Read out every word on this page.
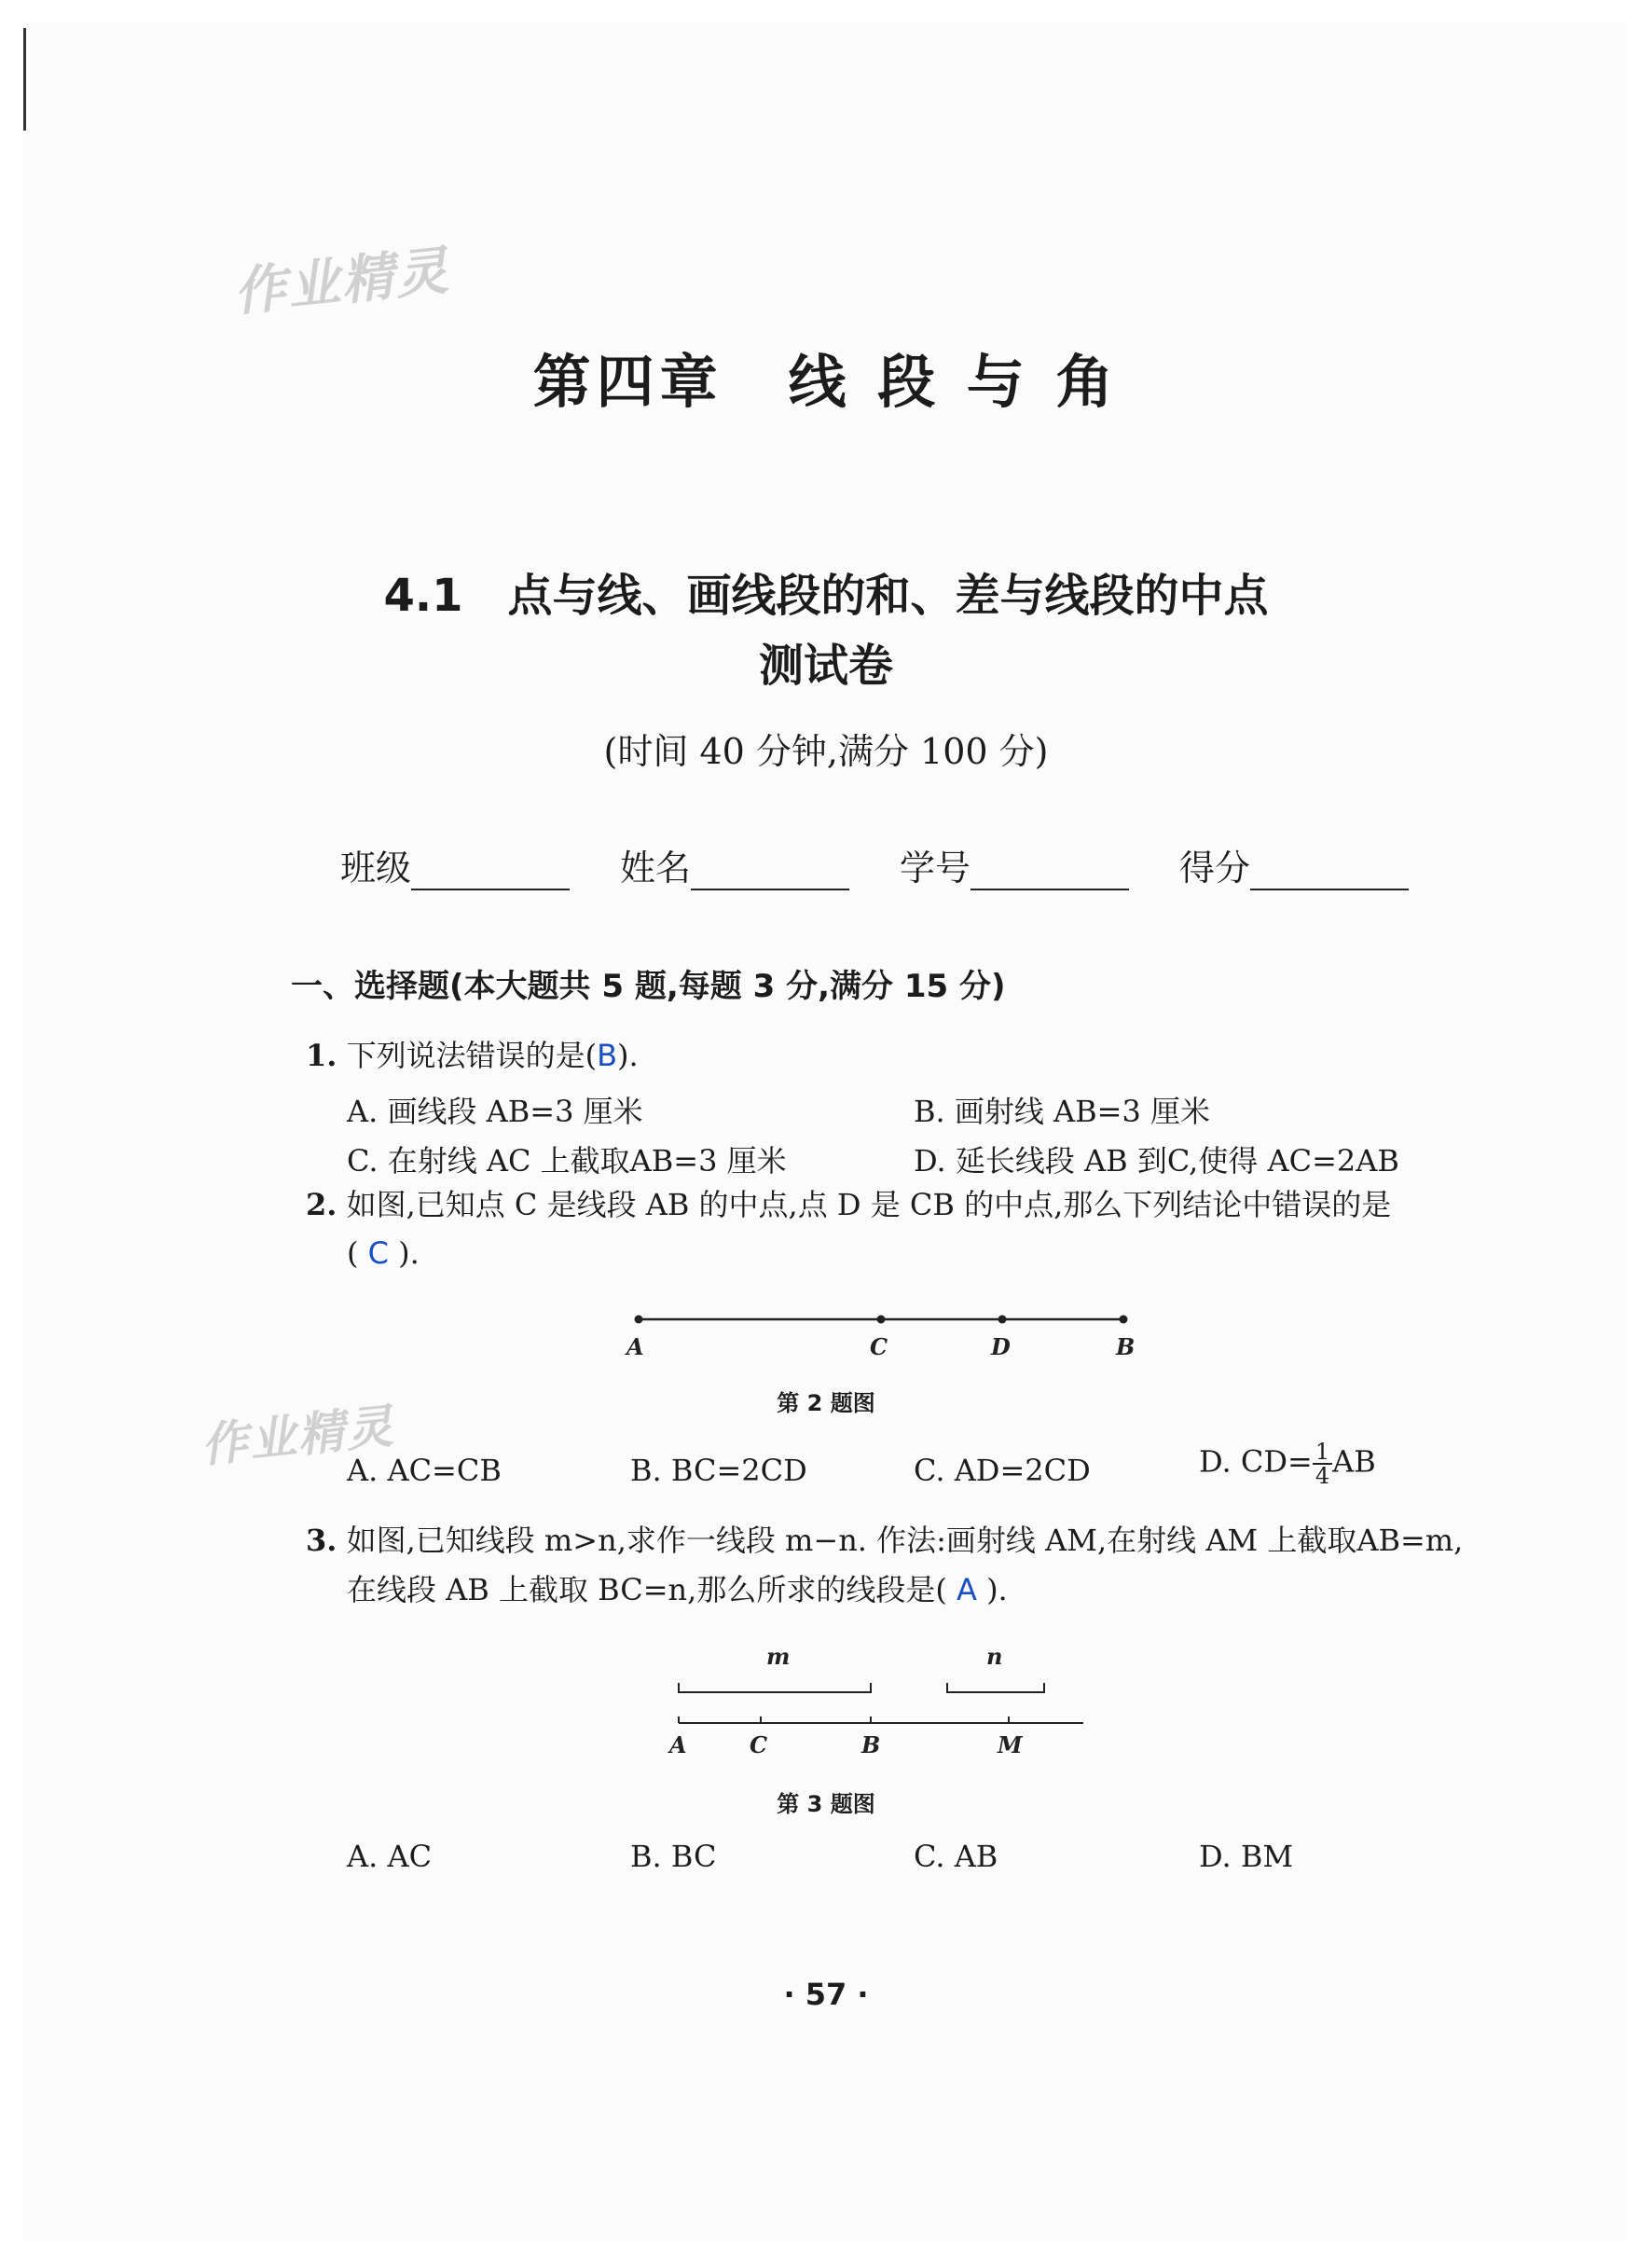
作业精灵
作业精灵
第四章 线 段 与 角
4.1　点与线、画线段的和、差与线段的中点
测试卷
(时间 40 分钟,满分 100 分)
班级	姓名	学号	得分
一、选择题(本大题共 5 题,每题 3 分,满分 15 分)
1. 下列说法错误的是(B).
A. 画线段 AB=3 厘米	B. 画射线 AB=3 厘米
C. 在射线 AC 上截取AB=3 厘米	D. 延长线段 AB 到C,使得 AC=2AB
2. 如图,已知点 C 是线段 AB 的中点,点 D 是 CB 的中点,那么下列结论中错误的是
( C ).
A	C	D	B
第 2 题图
A. AC=CB	B. BC=2CD	C. AD=2CD	D. $CD= \frac{1}{4}$ AB
3. 如图,已知线段 m>n,求作一线段 m−n. 作法:画射线 AM,在射线 AM 上截取AB=m,
在线段 AB 上截取 BC=n,那么所求的线段是( A ).
m	n
A	C	B	M
第 3 题图
A. AC	B. BC	C. AB	D. BM
· 57 ·
